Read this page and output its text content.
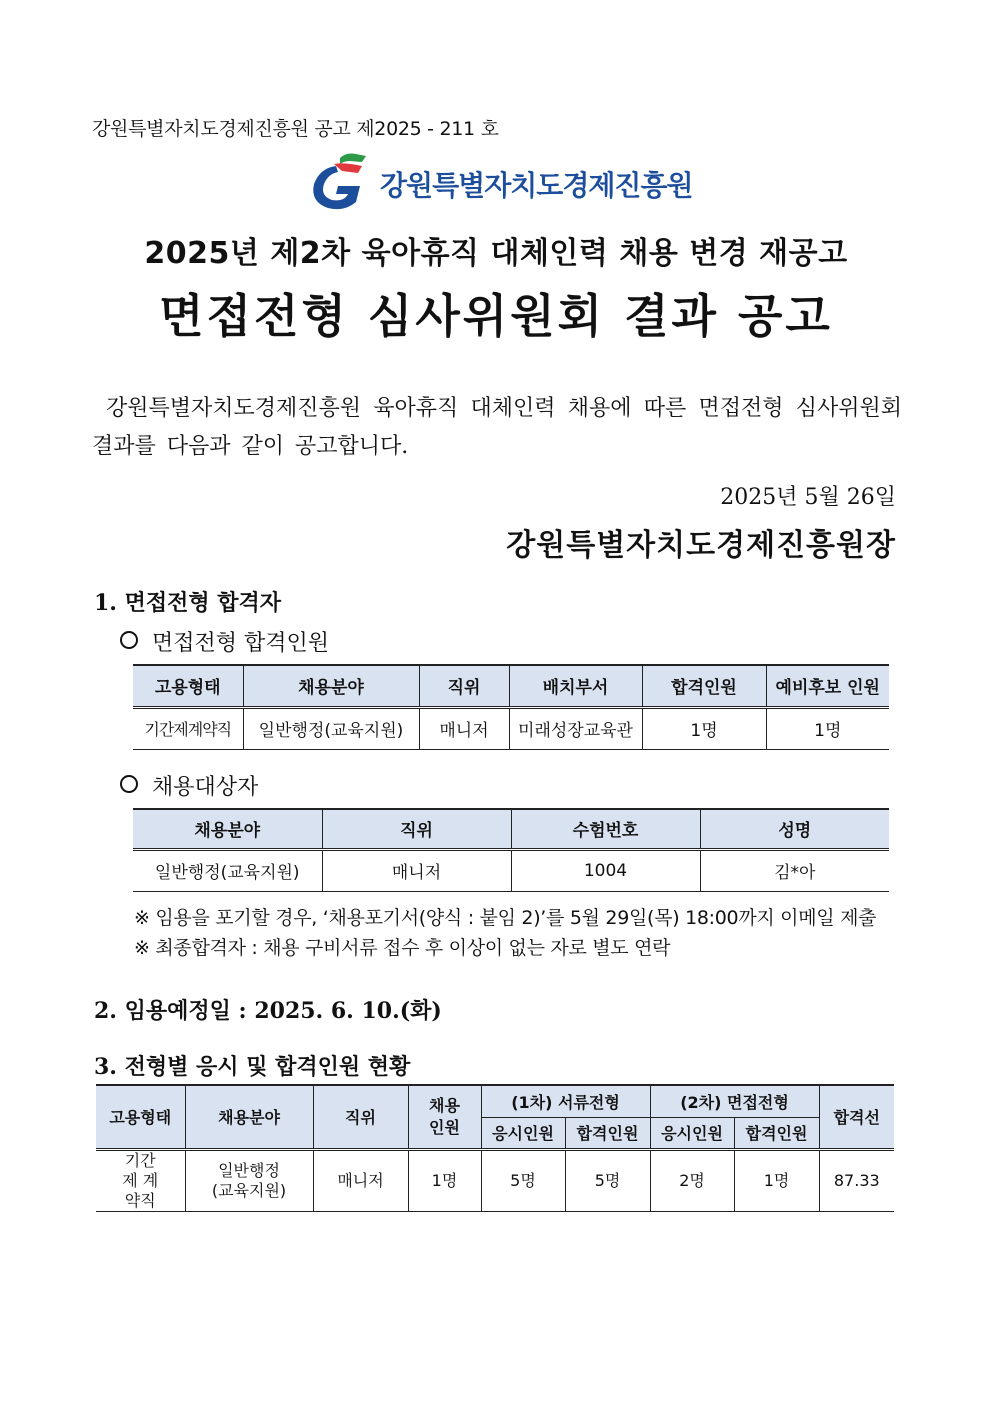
강원특별자치도경제진흥원 공고 제2025 - 211 호
강원특별자치도경제진흥원
2025년 제2차 육아휴직 대체인력 채용 변경 재공고
면접전형 심사위원회 결과 공고
강원특별자치도경제진흥원 육아휴직 대체인력 채용에 따른 면접전형 심사위원회 결과를 다음과 같이 공고합니다.
2025년 5월 26일
강원특별자치도경제진흥원장
1. 면접전형 합격자
면접전형 합격인원
고용형태	채용분야	직위	배치부서	합격인원	예비후보 인원
기간제계약직	일반행정(교육지원)	매니저	미래성장교육관	1명	1명
채용대상자
채용분야	직위	수험번호	성명
일반행정(교육지원)	매니저	1004	김*아
※ 임용을 포기할 경우, ‘채용포기서(양식 : 붙임 2)’를 5월 29일(목) 18:00까지 이메일 제출
※ 최종합격자 : 채용 구비서류 접수 후 이상이 없는 자로 별도 연락
2. 임용예정일 : 2025. 6. 10.(화)
3. 전형별 응시 및 합격인원 현황
고용형태	채용분야	직위	채용 인원	(1차) 서류전형		(2차) 면접전형		합격선
				응시인원	합격인원	응시인원	합격인원	
기간제 계약직	일반행정 (교육지원)	매니저	1명	5명	5명	2명	1명	87.33
